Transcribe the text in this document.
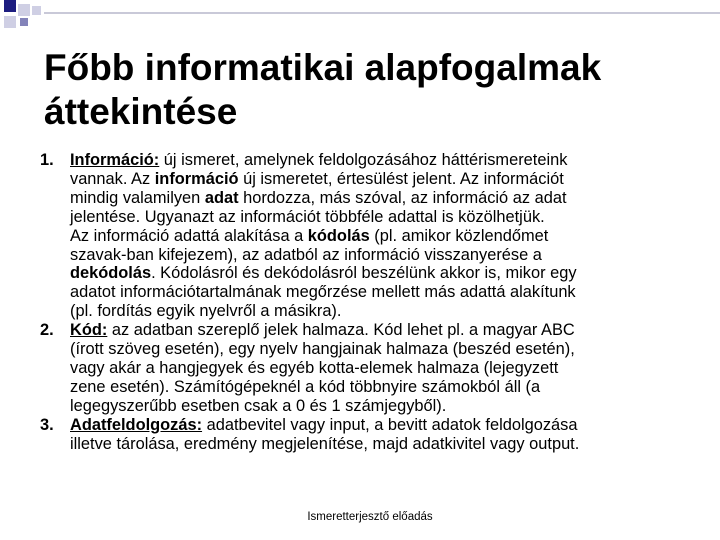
Főbb informatikai alapfogalmak
áttekintése
1. Információ: új ismeret, amelynek feldolgozásához háttérismereteink
vannak. Az információ új ismeretet, értesülést jelent. Az információt
mindig valamilyen adat hordozza, más szóval, az információ az adat
jelentése. Ugyanazt az információt többféle adattal is közölhetjük.
Az információ adattá alakítása a kódolás (pl. amikor közlendőmet
szavak-ban kifejezem), az adatból az információ visszanyerése a
dekódolás. Kódolásról és dekódolásról beszélünk akkor is, mikor egy
adatot információtartalmának megőrzése mellett más adattá alakítunk
(pl. fordítás egyik nyelvről a másikra).
2. Kód: az adatban szereplő jelek halmaza. Kód lehet pl. a magyar ABC
(írott szöveg esetén), egy nyelv hangjainak halmaza (beszéd esetén),
vagy akár a hangjegyek és egyéb kotta-elemek halmaza (lejegyzett
zene esetén). Számítógépeknél a kód többnyire számokból áll (a
legegyszerűbb esetben csak a 0 és 1 számjegyből).
3. Adatfeldolgozás: adatbevitel vagy input, a bevitt adatok feldolgozása
illetve tárolása, eredmény megjelenítése, majd adatkivitel vagy output.
Ismeretterjesztő előadás
